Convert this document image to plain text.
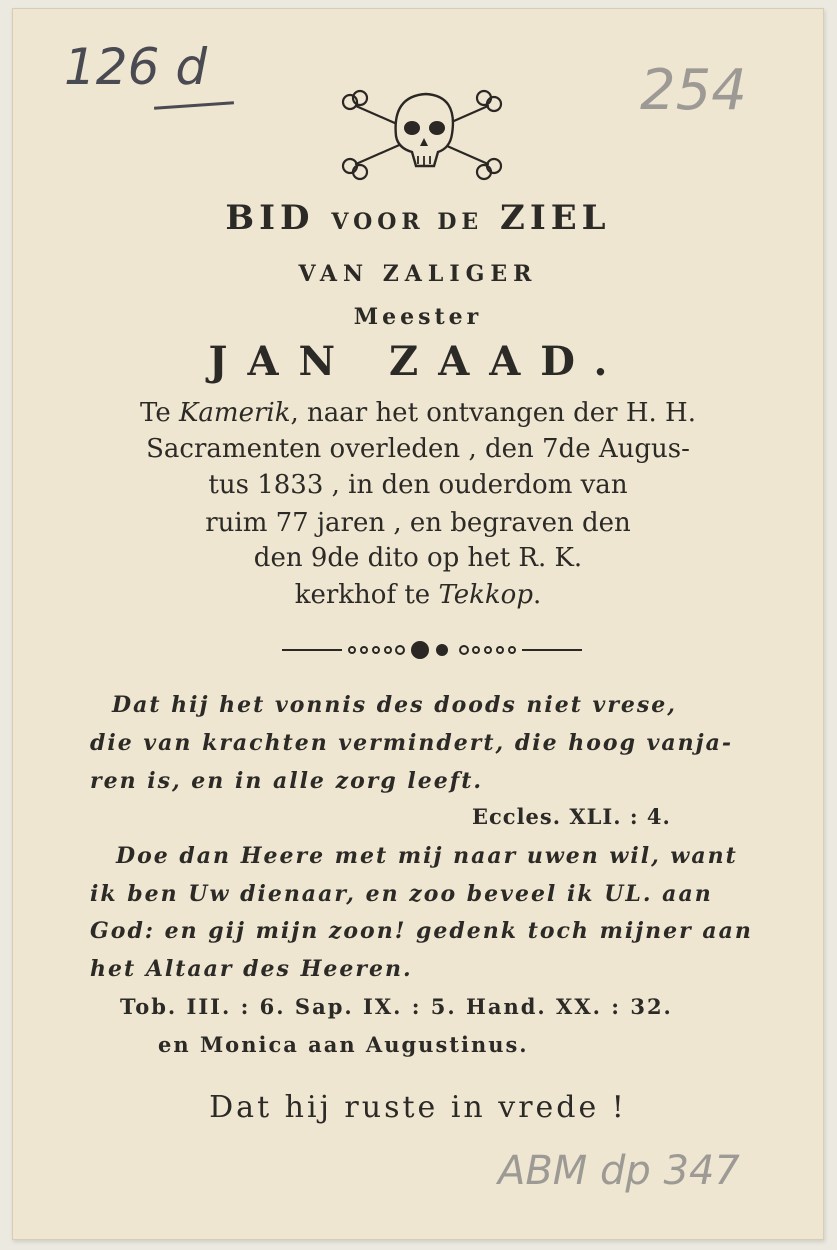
126 d	254
BID VOOR DE ZIEL
VAN ZALIGER
Meester
JAN ZAAD.
Te Kamerik, naar het ontvangen der H. H.
Sacramenten overleden , den 7de Augus-
tus 1833 , in den ouderdom van
ruim 77 jaren , en begraven den
den 9de dito op het R. K.
kerkhof te Tekkop.
Dat hij het vonnis des doods niet vrese,
die van krachten vermindert, die hoog vanja-
ren is, en in alle zorg leeft.
Eccles. XLI. : 4.
Doe dan Heere met mij naar uwen wil, want
ik ben Uw dienaar, en zoo beveel ik UL. aan
God: en gij mijn zoon! gedenk toch mijner aan
het Altaar des Heeren.
Tob. III. : 6. Sap. IX. : 5. Hand. XX. : 32.
en Monica aan Augustinus.
Dat hij ruste in vrede !
ABM dp 347
